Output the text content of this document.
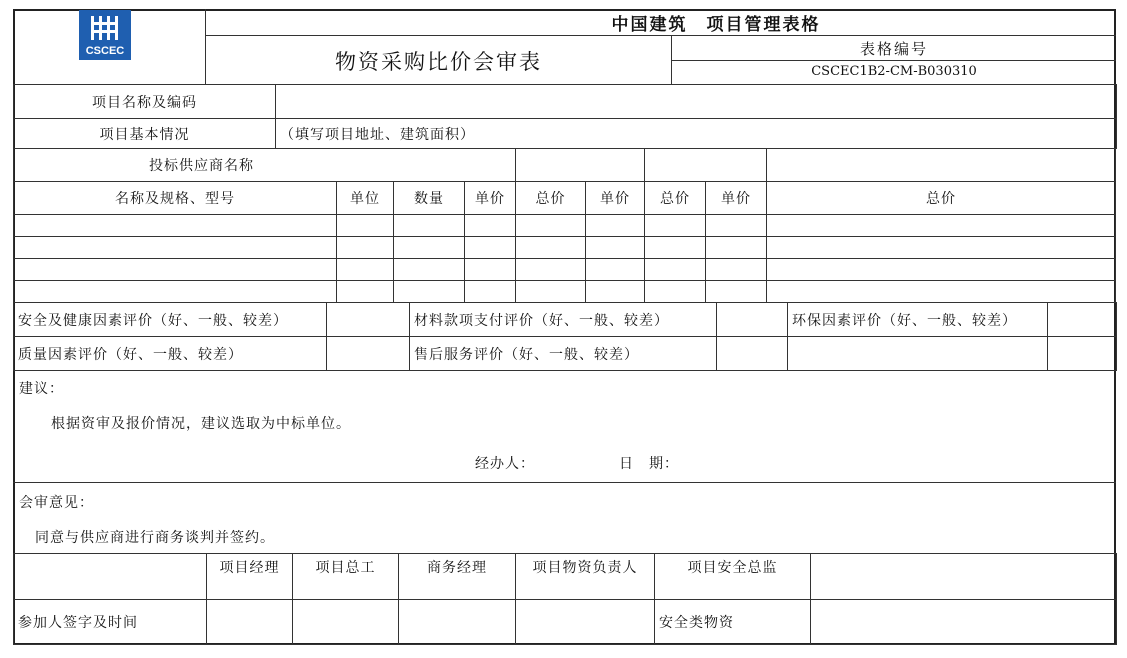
CSCEC
中国建筑　项目管理表格
物资采购比价会审表
表格编号
CSCEC1B2-CM-B030310
项目名称及编码	
项目基本情况	（填写项目地址、建筑面积）
投标供应商名称								
名称及规格、型号	单位	数量	单价	总价	单价	总价	单价	总价

安全及健康因素评价（好、一般、较差）		材料款项支付评价（好、一般、较差）		环保因素评价（好、一般、较差）	
质量因素评价（好、一般、较差）		售后服务评价（好、一般、较差）			
建议：
根据资审及报价情况，建议选取为中标单位。
经办人：	日　期：
会审意见：
同意与供应商进行商务谈判并签约。
	项目经理	项目总工	商务经理	项目物资负责人	项目安全总监	
参加人签字及时间					安全类物资	
